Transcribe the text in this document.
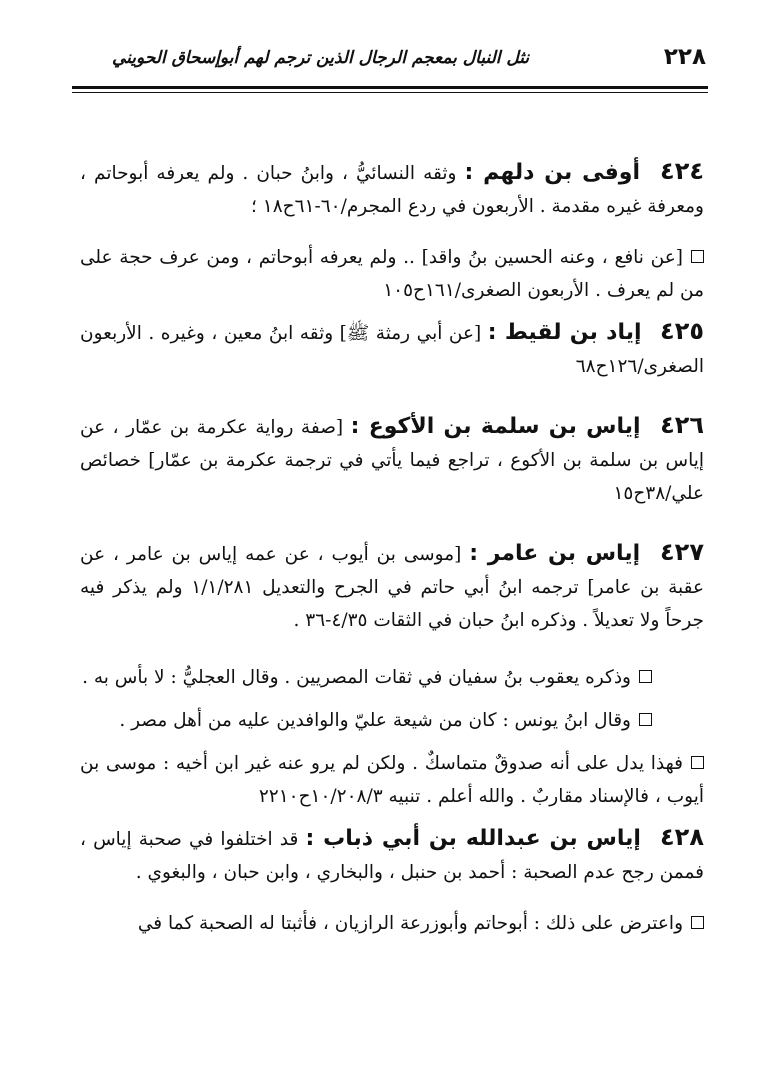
٢٢٨
نثل النبال بمعجم الرجال الذين ترجم لهم أبوإسحاق الحويني

٤٢٤ أوفى بن دلهم : وثقه النسائيُّ ، وابنُ حبان . ولم يعرفه أبوحاتم ، ومعرفة غيره مقدمة . الأربعون في ردع المجرم/٦٠-٦١ح١٨ ؛

[عن نافع ، وعنه الحسين بنُ واقد] .. ولم يعرفه أبوحاتم ، ومن عرف حجة على من لم يعرف . الأربعون الصغرى/١٦١ح١٠٥

٤٢٥ إياد بن لقيط : [عن أبي رمثة ﷺ] وثقه ابنُ معين ، وغيره . الأربعون الصغرى/١٢٦ح٦٨

٤٢٦ إياس بن سلمة بن الأكوع : [صفة رواية عكرمة بن عمّار ، عن إياس بن سلمة بن الأكوع ، تراجع فيما يأتي في ترجمة عكرمة بن عمّار] خصائص علي/٣٨ح١٥

٤٢٧ إياس بن عامر : [موسى بن أيوب ، عن عمه إياس بن عامر ، عن عقبة بن عامر] ترجمه ابنُ أبي حاتم في الجرح والتعديل ١/١/٢٨١ ولم يذكر فيه جرحاً ولا تعديلاً . وذكره ابنُ حبان في الثقات ٤/٣٥-٣٦ .

وذكره يعقوب بنُ سفيان في ثقات المصريين . وقال العجليُّ : لا بأس به .

وقال ابنُ يونس : كان من شيعة عليّ والوافدين عليه من أهل مصر .

فهذا يدل على أنه صدوقٌ متماسكٌ . ولكن لم يرو عنه غير ابن أخيه : موسى بن أيوب ، فالإسناد مقاربٌ . والله أعلم . تنبيه ١٠/٢٠٨/٣ح٢٢١٠

٤٢٨ إياس بن عبدالله بن أبي ذباب : قد اختلفوا في صحبة إياس ، فممن رجح عدم الصحبة : أحمد بن حنبل ، والبخاري ، وابن حبان ، والبغوي .

واعترض على ذلك : أبوحاتم وأبوزرعة الرازيان ، فأثبتا له الصحبة كما في
